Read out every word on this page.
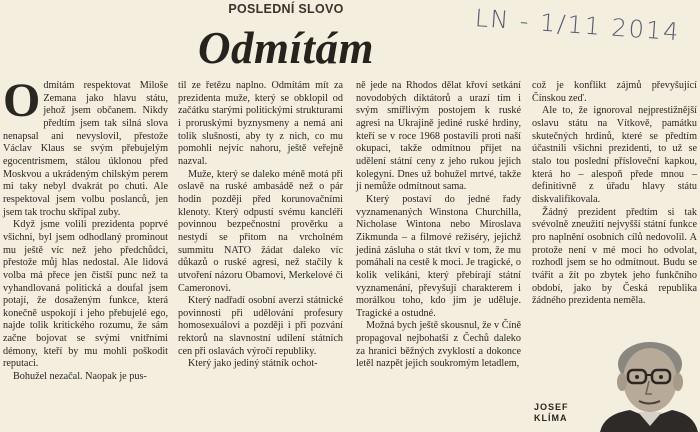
POSLEDNÍ SLOVO	LN - 1/11 2014
Odmítám

Odmítám respektovat Miloše Zemana jako hlavu státu, jehož jsem občanem. Nikdy předtím jsem tak silná slova nenapsal ani nevyslovil, přestože Václav Klaus se svým přebujelým egocentrismem, stálou úklonou před Moskvou a ukrádeným chilským perem mi taky nebyl dvakrát po chuti. Ale respektoval jsem volbu poslanců, jen jsem tak trochu skřípal zuby.

Když jsme volili prezidenta poprvé všichni, byl jsem odhodlaný prominout mu ještě víc než jeho předchůdci, přestože můj hlas nedostal. Ale lidová volba má přece jen čistší punc než ta vyhandlovaná politická a doufal jsem potají, že dosaženým funkce, která konečně uspokojí i jeho přebujelé ego, najde tolik kritického rozumu, že sám začne bojovat se svými vnitřními démony, kteří by mu mohli poškodit reputaci.

Bohužel nezačal. Naopak je pus-

til ze řetězu naplno. Odmítám mít za prezidenta muže, který se obklopil od začátku starými politickými strukturami i proruskými byznysmeny a nemá ani tolik slušnosti, aby ty z nich, co mu pomohli nejvíc nahoru, ještě veřejně nazval.

Muže, který se daleko méně motá při oslavě na ruské ambasádě než o pár hodin později před korunovačními klenoty. Který odpustí svému kancléři povinnou bezpečnostní prověrku a nestydí se přitom na vrcholném summitu NATO žádat daleko víc důkazů o ruské agresi, než stačily k utvoření názoru Obamovi, Merkelové či Cameronovi.

Který nadřadí osobní averzi státnické povinnosti při udělování profesury homosexuálovi a později i při pozvání rektorů na slavnostní udílení státních cen při oslavách výročí republiky.

Který jako jediný státník ochot-

ně jede na Rhodos dělat křoví setkání novodobých diktátorů a urazí tím i svým smířlivým postojem k ruské agresi na Ukrajině jediné ruské hrdiny, kteří se v roce 1968 postavili proti naší okupaci, takže odmítnou přijet na udělení státní ceny z jeho rukou jejich kolegyní. Dnes už bohužel mrtvé, takže ji nemůže odmítnout sama.

Který postaví do jedné řady vyznamenaných Winstona Churchilla, Nicholase Wintona nebo Miroslava Zikmunda – a filmové režiséry, jejichž jediná zásluha o stát tkví v tom, že mu pomáhali na cestě k moci. Je tragické, o kolik velikáni, který přebírají státní vyznamenání, převyšují charakterem i morálkou toho, kdo jim je uděluje. Tragické a ostudné.

Možná bych ještě skousnul, že v Číně propagoval nejbohatší z Čechů daleko za hranici běžných zvyklostí a dokonce letěl nazpět jejich soukromým letadlem,

což je konflikt zájmů převyšující Čínskou zeď.

Ale to, že ignoroval nejprestižnější oslavu státu na Vítkově, památku skutečných hrdinů, které se předtím účastnili všichni prezidenti, to už se stalo tou poslední přísloveční kapkou, která ho – alespoň přede mnou – definitivně z úřadu hlavy státu diskvalifikovala.

Žádný prezident předtím si tak svévolně zneužití nejvyšší státní funkce pro naplnění osobních cílů nedovolil. A protože není v mé moci ho odvolat, rozhodl jsem se ho odmítnout. Budu se tvářit a žít po zbytek jeho funkčního období, jako by Česká republika žádného prezidenta neměla.

JOSEF
KLÍMA
